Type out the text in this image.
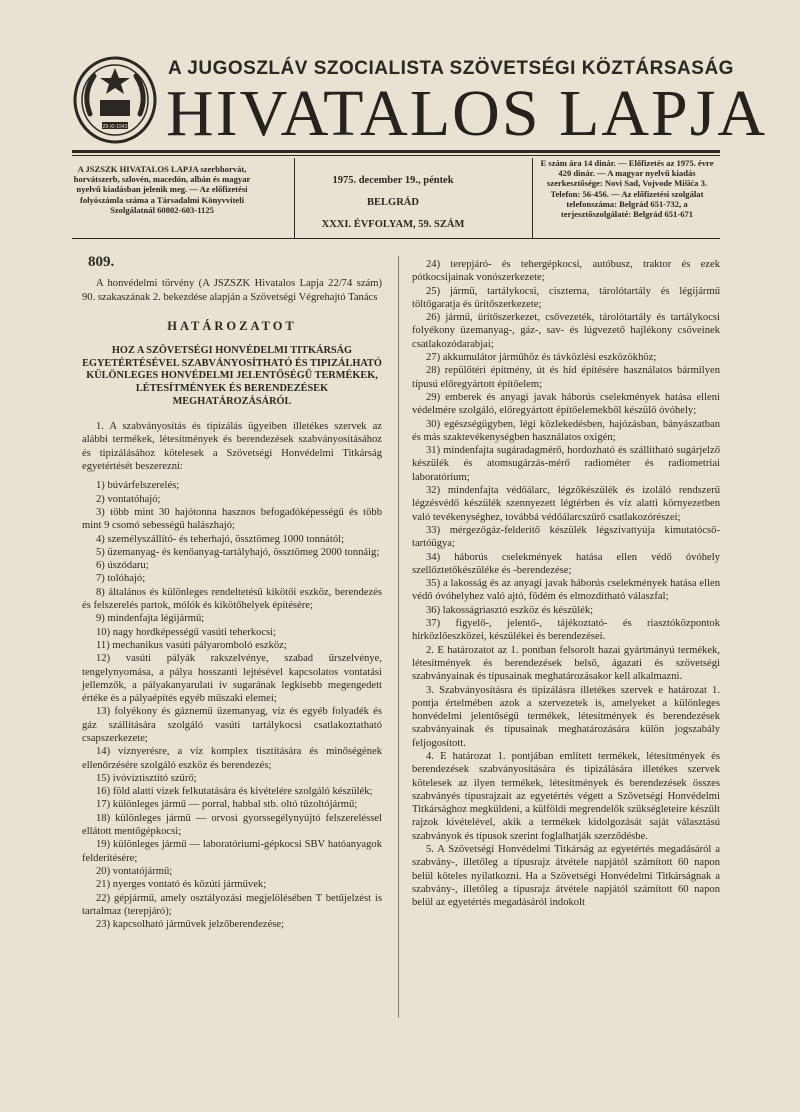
29-XI-1943
A JUGOSZLÁV SZOCIALISTA SZÖVETSÉGI KÖZTÁRSASÁG
HIVATALOS LAPJA
A JSZSZK HIVATALOS LAPJA szerbhorvát, horvátszerb, szlovén, macedón, albán és magyar nyelvű kiadásban jelenik meg. — Az előfizetési folyószámla száma a Társadalmi Könyvviteli Szolgálatnál 60802-603-1125
1975. december 19., péntek
BELGRÁD
XXXI. ÉVFOLYAM, 59. SZÁM
E szám ára 14 dinár. — Előfizetés az 1975. évre 420 dinár. — A magyar nyelvű kiadás szerkesztősége: Novi Sad, Vojvode Mišića 3. Telefon: 56-456. — Az előfizetési szolgálat telefonszáma: Belgrád 651-732, a terjesztőszolgálaté: Belgrád 651-671

809.

A honvédelmi törvény (A JSZSZK Hivatalos Lapja 22/74 szám) 90. szakaszának 2. bekezdése alapján a Szövetségi Végrehajtó Tanács

HATÁROZATOT

HOZ A SZÖVETSÉGI HONVÉDELMI TITKÁRSÁG EGYETÉRTÉSÉVEL SZABVÁNYOSÍTHATÓ ÉS TIPIZÁLHATÓ KÜLÖNLEGES HONVÉDELMI JELENTŐSÉGŰ TERMÉKEK, LÉTESÍTMÉNYEK ÉS BERENDEZÉSEK MEGHATÁROZÁSÁRÓL

1. A szabványosítás és tipizálás ügyeiben illetékes szervek az alábbi termékek, létesítmények és berendezések szabványosításához és tipizálásához kötelesek a Szövetségi Honvédelmi Titkárság egyetértését beszerezni:

1) búvárfelszerelés;

2) vontatóhajó;

3) több mint 30 hajótonna hasznos befogadóképességű és több mint 9 csomó sebességű halászhajó;

4) személyszállító- és teherhajó, össztömeg 1000 tonnától;

5) üzemanyag- és kenőanyag-tartályhajó, össztömeg 2000 tonnáig;

6) úszódaru;

7) tolóhajó;

8) általános és különleges rendeltetésű kikötői eszköz, berendezés és felszerelés partok, mólók és kikötőhelyek építésére;

9) mindenfajta légijármű;

10) nagy hordképességű vasúti teherkocsi;

11) mechanikus vasúti pályaromboló eszköz;

12) vasúti pályák rakszelvénye, szabad űrszelvénye, tengelynyomása, a pálya hosszanti lejtésével kapcsolatos vontatási jellemzők, a pályakanyarulati ív sugarának legkisebb megengedett értéke és a pályaépítés egyéb műszaki elemei;

13) folyékony és gáznemű üzemanyag, víz és egyéb folyadék és gáz szállítására szolgáló vasúti tartálykocsi csatlakoztatható csapszerkezete;

14) víznyerésre, a víz komplex tisztítására és minőségének ellenőrzésére szolgáló eszköz és berendezés;

15) ivóvíztisztító szűrő;

16) föld alatti vizek felkutatására és kivételére szolgáló készülék;

17) különleges jármű — porral, habbal stb. oltó tűzoltójármű;

18) különleges jármű — orvosi gyorssegélynyújtó felszereléssel ellátott mentőgépkocsi;

19) különleges jármű — laboratóriumi-gépkocsi SBV hatóanyagok felderítésére;

20) vontatójármű;

21) nyerges vontató és közúti járművek;

22) gépjármű, amely osztályozási megjelölésében T betűjelzést is tartalmaz (terepjáró);

23) kapcsolható járművek jelzőberendezése;

24) terepjáró- és tehergépkocsi, autóbusz, traktor és ezek pótkocsijainak vonószerkezete;

25) jármű, tartálykocsi, ciszterna, tárolótartály és légijármű töltőgaratja és ürítőszerkezete;

26) jármű, ürítőszerkezet, csővezeték, tárolótartály és tartálykocsi folyékony üzemanyag-, gáz-, sav- és lúgvezető hajlékony csöveinek csatlakozódarabjai;

27) akkumulátor járműhöz és távközlési eszközökhöz;

28) repülőtéri építmény, út és híd építésére használatos bármilyen típusú előregyártott építőelem;

29) emberek és anyagi javak háborús cselekmények hatása elleni védelmére szolgáló, előregyártott építőelemekből készülő óvóhely;

30) egészségügyben, légi közlekedésben, hajózásban, bányászatban és más szaktevékenységben használatos oxigén;

31) mindenfajta sugáradagmérő, hordozható és szállítható sugárjelző készülék és atomsugárzás-mérő radiométer és radiometriai laboratórium;

32) mindenfajta védőálarc, légzőkészülék és izoláló rendszerű légzésvédő készülék szennyezett légtérben és víz alatti környezetben való tevékenységhez, továbbá védőálarcszűrő csatlakozórészei;

33) mérgezőgáz-felderítő készülék légszivattyúja kimutatócső-tartóügya;

34) háborús cselekmények hatása ellen védő óvóhely szellőztetőkészüléke és -berendezése;

35) a lakosság és az anyagi javak háborús cselekmények hatása ellen védő óvóhelyhez való ajtó, födém és elmozdítható válaszfal;

36) lakosságriasztó eszköz és készülék;

37) figyelő-, jelentő-, tájékoztató- és riasztóközpontok hírközlőeszközei, készülékei és berendezései.

2. E határozatot az 1. pontban felsorolt hazai gyártmányú termékek, létesítmények és berendezések belső, ágazati és szövetségi szabványainak és típusainak meghatározásakor kell alkalmazni.

3. Szabványosításra és tipizálásra illetékes szervek e határozat 1. pontja értelmében azok a szervezetek is, amelyeket a különleges honvédelmi jelentőségű termékek, létesítmények és berendezések szabványainak és típusainak meghatározására külön jogszabály feljogosított.

4. E határozat 1. pontjában említett termékek, létesítmények és berendezések szabványosítására és tipizálására illetékes szervek kötelesek az ilyen termékek, létesítmények és berendezések összes szabványés típusrajzait az egyetértés végett a Szövetségi Honvédelmi Titkársághoz megküldeni, a külföldi megrendelők szükségleteire készült rajzok kivételével, akik a termékek kidolgozását saját választású szabványok és típusok szerint foglalhatják szerződésbe.

5. A Szövetségi Honvédelmi Titkárság az egyetértés megadásáról a szabvány-, illetőleg a típusrajz átvétele napjától számított 60 napon belül köteles nyilatkozni. Ha a Szövetségi Honvédelmi Titkárságnak a szabvány-, illetőleg a típusrajz átvétele napjától számított 60 napon belül az egyetértés megadásáról indokolt
